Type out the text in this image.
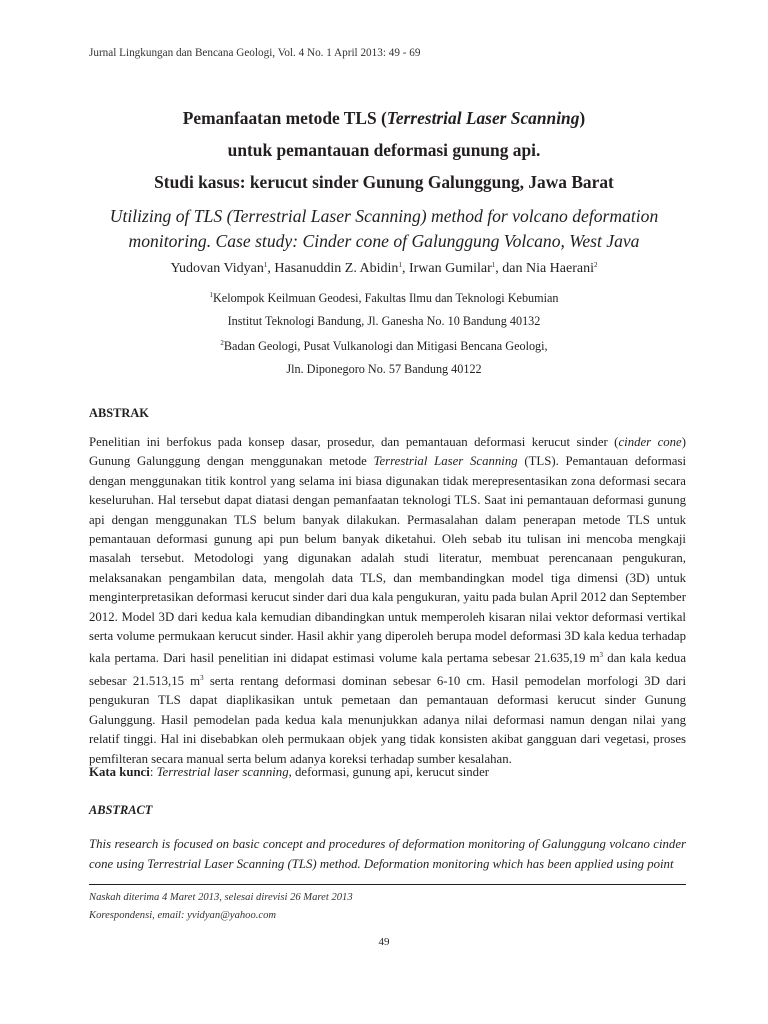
Jurnal Lingkungan dan Bencana Geologi, Vol. 4 No. 1 April 2013: 49 - 69
Pemanfaatan metode TLS (Terrestrial Laser Scanning)
untuk pemantauan deformasi gunung api.
Studi kasus: kerucut sinder Gunung Galunggung, Jawa Barat
Utilizing of TLS (Terrestrial Laser Scanning) method for volcano deformation
monitoring. Case study: Cinder cone of Galunggung Volcano, West Java
Yudovan Vidyan$^1$, Hasanuddin Z. Abidin$^1$, Irwan Gumilar$^1$, dan Nia Haerani$^2$
$^1$Kelompok Keilmuan Geodesi, Fakultas Ilmu dan Teknologi Kebumian
Institut Teknologi Bandung, Jl. Ganesha No. 10 Bandung 40132
$^2$Badan Geologi, Pusat Vulkanologi dan Mitigasi Bencana Geologi,
Jln. Diponegoro No. 57 Bandung 40122
ABSTRAK

Penelitian ini berfokus pada konsep dasar, prosedur, dan pemantauan deformasi kerucut sinder (cinder cone) Gunung Galunggung dengan menggunakan metode Terrestrial Laser Scanning (TLS). Pemantauan deformasi dengan menggunakan titik kontrol yang selama ini biasa digunakan tidak merepresentasikan zona deformasi secara keseluruhan. Hal tersebut dapat diatasi dengan pemanfaatan teknologi TLS. Saat ini pemantauan deformasi gunung api dengan menggunakan TLS belum banyak dilakukan. Permasalahan dalam penerapan metode TLS untuk pemantauan deformasi gunung api pun belum banyak diketahui. Oleh sebab itu tulisan ini mencoba mengkaji masalah tersebut. Metodologi yang digunakan adalah studi literatur, membuat perencanaan pengukuran, melaksanakan pengambilan data, mengolah data TLS, dan membandingkan model tiga dimensi (3D) untuk menginterpretasikan deformasi kerucut sinder dari dua kala pengukuran, yaitu pada bulan April 2012 dan September 2012. Model 3D dari kedua kala kemudian dibandingkan untuk memperoleh kisaran nilai vektor deformasi vertikal serta volume permukaan kerucut sinder. Hasil akhir yang diperoleh berupa model deformasi 3D kala kedua terhadap kala pertama. Dari hasil penelitian ini didapat estimasi volume kala pertama sebesar 21.635,19 $m^3$ dan kala kedua sebesar 21.513,15 $m^3$ serta rentang deformasi dominan sebesar 6-10 cm. Hasil pemodelan morfologi 3D dari pengukuran TLS dapat diaplikasikan untuk pemetaan dan pemantauan deformasi kerucut sinder Gunung Galunggung. Hasil pemodelan pada kedua kala menunjukkan adanya nilai deformasi namun dengan nilai yang relatif tinggi. Hal ini disebabkan oleh permukaan objek yang tidak konsisten akibat gangguan dari vegetasi, proses pemfilteran secara manual serta belum adanya koreksi terhadap sumber kesalahan.

Kata kunci: Terrestrial laser scanning, deformasi, gunung api, kerucut sinder
ABSTRACT

This research is focused on basic concept and procedures of deformation monitoring of Galunggung volcano cinder cone using Terrestrial Laser Scanning (TLS) method. Deformation monitoring which has been applied using point

Naskah diterima 4 Maret 2013, selesai direvisi 26 Maret 2013
Korespondensi, email: yvidyan@yahoo.com
49
